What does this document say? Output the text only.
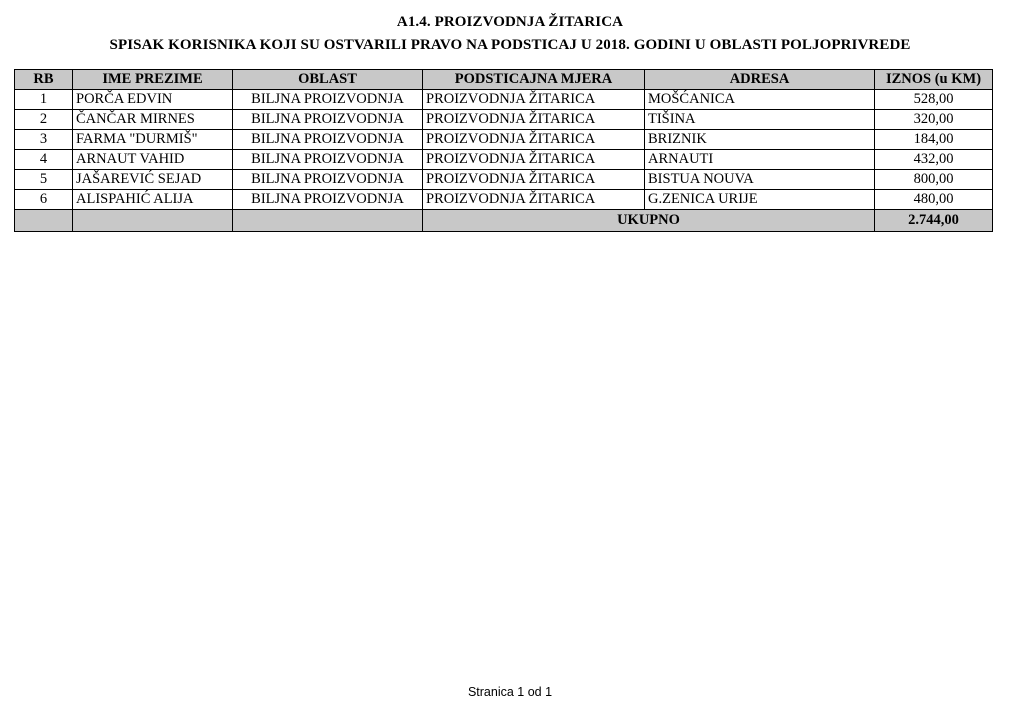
A1.4. PROIZVODNJA ŽITARICA
SPISAK KORISNIKA KOJI SU OSTVARILI PRAVO NA PODSTICAJ U 2018. GODINI U OBLASTI POLJOPRIVREDE
RB	IME PREZIME	OBLAST	PODSTICAJNA MJERA	ADRESA	IZNOS (u KM)
1	PORČA EDVIN	BILJNA PROIZVODNJA	PROIZVODNJA ŽITARICA	MOŠĆANICA	528,00
2	ČANČAR MIRNES	BILJNA PROIZVODNJA	PROIZVODNJA ŽITARICA	TIŠINA	320,00
3	FARMA "DURMIŠ"	BILJNA PROIZVODNJA	PROIZVODNJA ŽITARICA	BRIZNIK	184,00
4	ARNAUT VAHID	BILJNA PROIZVODNJA	PROIZVODNJA ŽITARICA	ARNAUTI	432,00
5	JAŠAREVIĆ SEJAD	BILJNA PROIZVODNJA	PROIZVODNJA ŽITARICA	BISTUA NOUVA	800,00
6	ALISPAHIĆ ALIJA	BILJNA PROIZVODNJA	PROIZVODNJA ŽITARICA	G.ZENICA URIJE	480,00
			UKUPNO		2.744,00
Stranica 1 od 1
